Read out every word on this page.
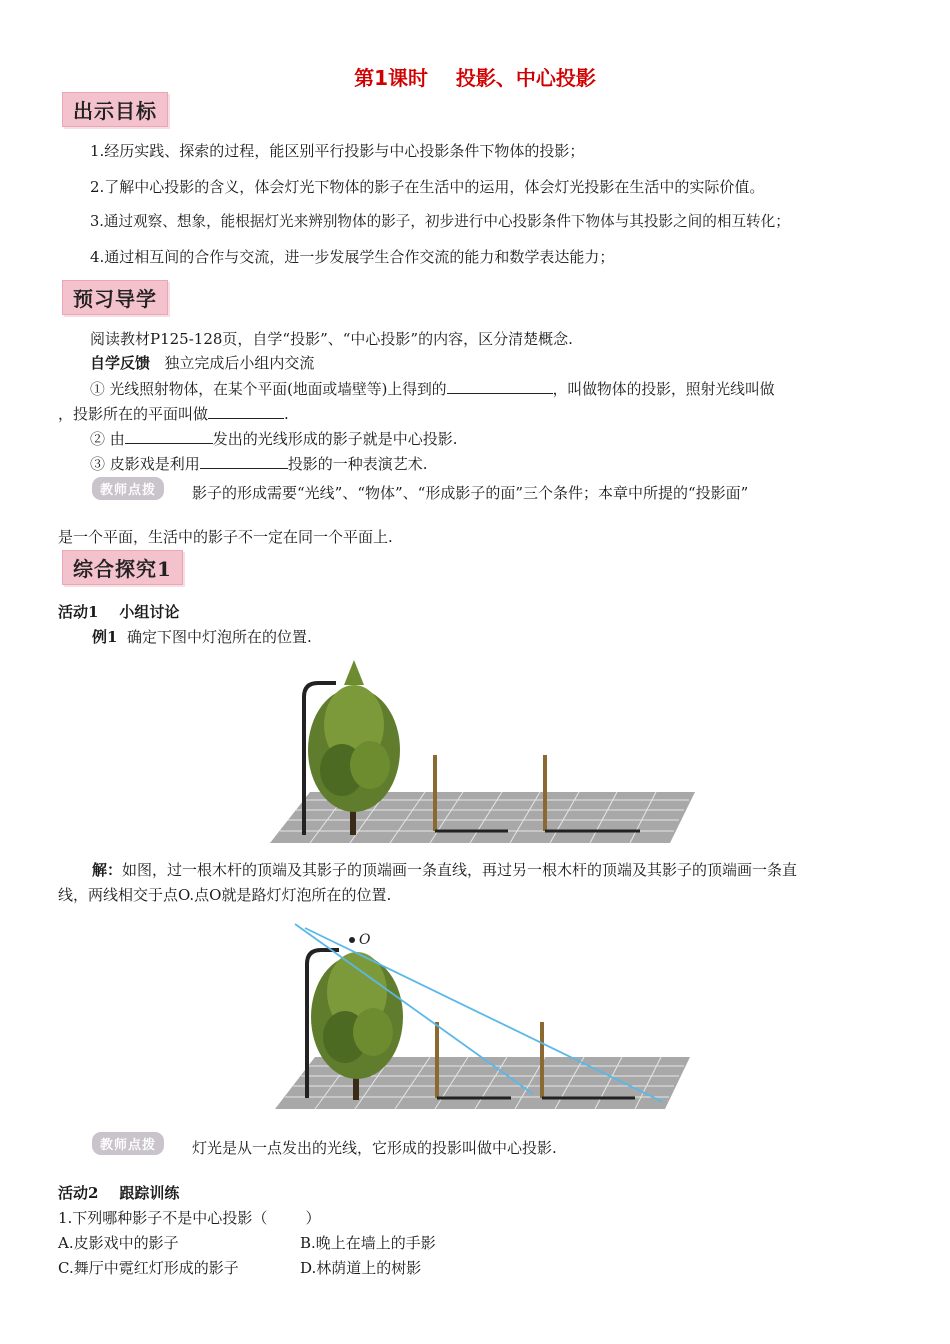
第1课时    投影、中心投影
出示目标
1.经历实践、探索的过程，能区别平行投影与中心投影条件下物体的投影；
2.了解中心投影的含义，体会灯光下物体的影子在生活中的运用，体会灯光投影在生活中的实际价值。
3.通过观察、想象，能根据灯光来辨别物体的影子，初步进行中心投影条件下物体与其投影之间的相互转化；
4.通过相互间的合作与交流，进一步发展学生合作交流的能力和数学表达能力；
预习导学
阅读教材P125-128页，自学“投影”、“中心投影”的内容，区分清楚概念.
自学反馈 独立完成后小组内交流
① 光线照射物体，在某个平面(地面或墙壁等)上得到的	，叫做物体的投影，照射光线叫做
，投影所在的平面叫做	.
② 由	发出的光线形成的影子就是中心投影.
③ 皮影戏是利用	投影的一种表演艺术.
教师点拨	影子的形成需要“光线”、“物体”、“形成影子的面”三个条件；本章中所提的“投影面”
是一个平面，生活中的影子不一定在同一个平面上.
综合探究1
活动1    小组讨论
例1 确定下图中灯泡所在的位置.
解：如图，过一根木杆的顶端及其影子的顶端画一条直线，再过另一根木杆的顶端及其影子的顶端画一条直
线，两线相交于点O.点O就是路灯灯泡所在的位置.
O
教师点拨	灯光是从一点发出的光线，它形成的投影叫做中心投影.
活动2    跟踪训练
1.下列哪种影子不是中心投影（        ）
A.皮影戏中的影子	B.晚上在墙上的手影
C.舞厅中霓红灯形成的影子	D.林荫道上的树影
